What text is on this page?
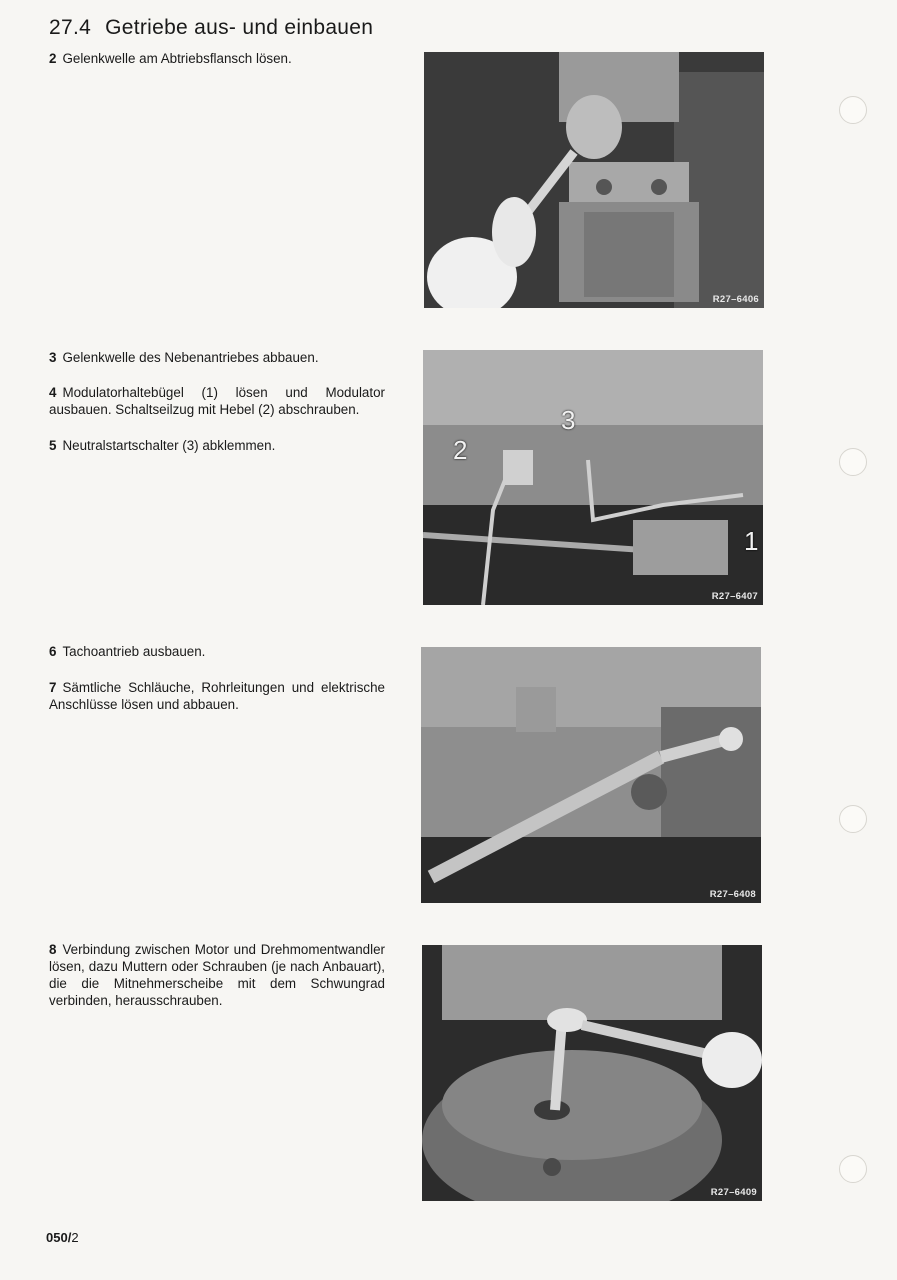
27.4 Getriebe aus- und einbauen
2 Gelenkwelle am Abtriebsflansch lösen.
3 Gelenkwelle des Nebenantriebes abbauen.
4 Modulatorhaltebügel (1) lösen und Modulator ausbauen. Schaltseilzug mit Hebel (2) abschrauben.
5 Neutralstartschalter (3) abklemmen.
6 Tachoantrieb ausbauen.
7 Sämtliche Schläuche, Rohrleitungen und elektrische Anschlüsse lösen und abbauen.
8 Verbindung zwischen Motor und Drehmomentwandler lösen, dazu Muttern oder Schrauben (je nach Anbauart), die die Mitnehmerscheibe mit dem Schwungrad verbinden, herausschrauben.
R27–6406
2
3
1
R27–6407
R27–6408
R27–6409
050/2
